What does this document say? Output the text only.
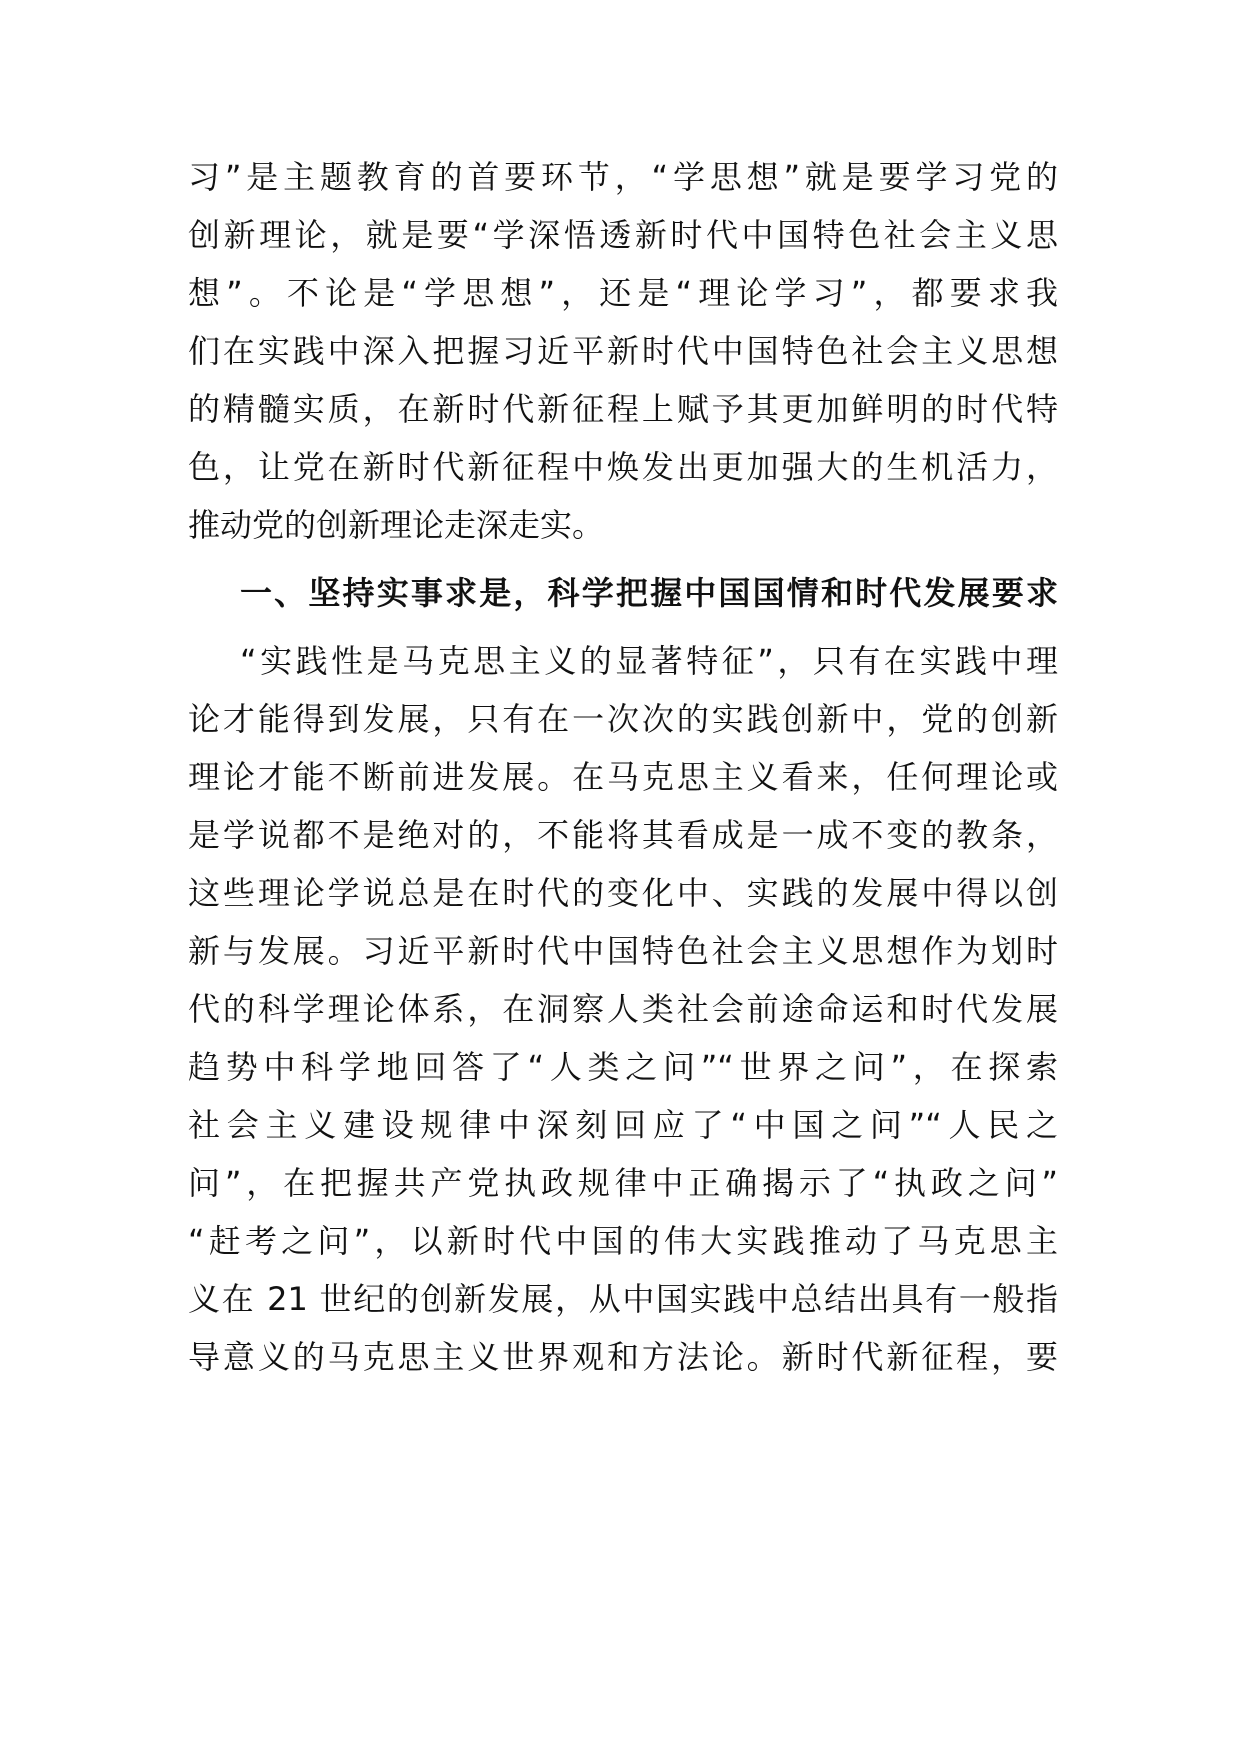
习”是主题教育的首要环节，“学思想”就是要学习党的
创新理论，就是要“学深悟透新时代中国特色社会主义思
想”。不论是“学思想”，还是“理论学习”，都要求我
们在实践中深入把握习近平新时代中国特色社会主义思想
的精髓实质，在新时代新征程上赋予其更加鲜明的时代特
色，让党在新时代新征程中焕发出更加强大的生机活力，
推动党的创新理论走深走实。
一、坚持实事求是，科学把握中国国情和时代发展要求
“实践性是马克思主义的显著特征”，只有在实践中理
论才能得到发展，只有在一次次的实践创新中，党的创新
理论才能不断前进发展。在马克思主义看来，任何理论或
是学说都不是绝对的，不能将其看成是一成不变的教条，
这些理论学说总是在时代的变化中、实践的发展中得以创
新与发展。习近平新时代中国特色社会主义思想作为划时
代的科学理论体系，在洞察人类社会前途命运和时代发展
趋势中科学地回答了“人类之问”“世界之问”，在探索
社会主义建设规律中深刻回应了“中国之问”“人民之
问”，在把握共产党执政规律中正确揭示了“执政之问”
“赶考之问”，以新时代中国的伟大实践推动了马克思主
义在 21 世纪的创新发展，从中国实践中总结出具有一般指
导意义的马克思主义世界观和方法论。新时代新征程，要
